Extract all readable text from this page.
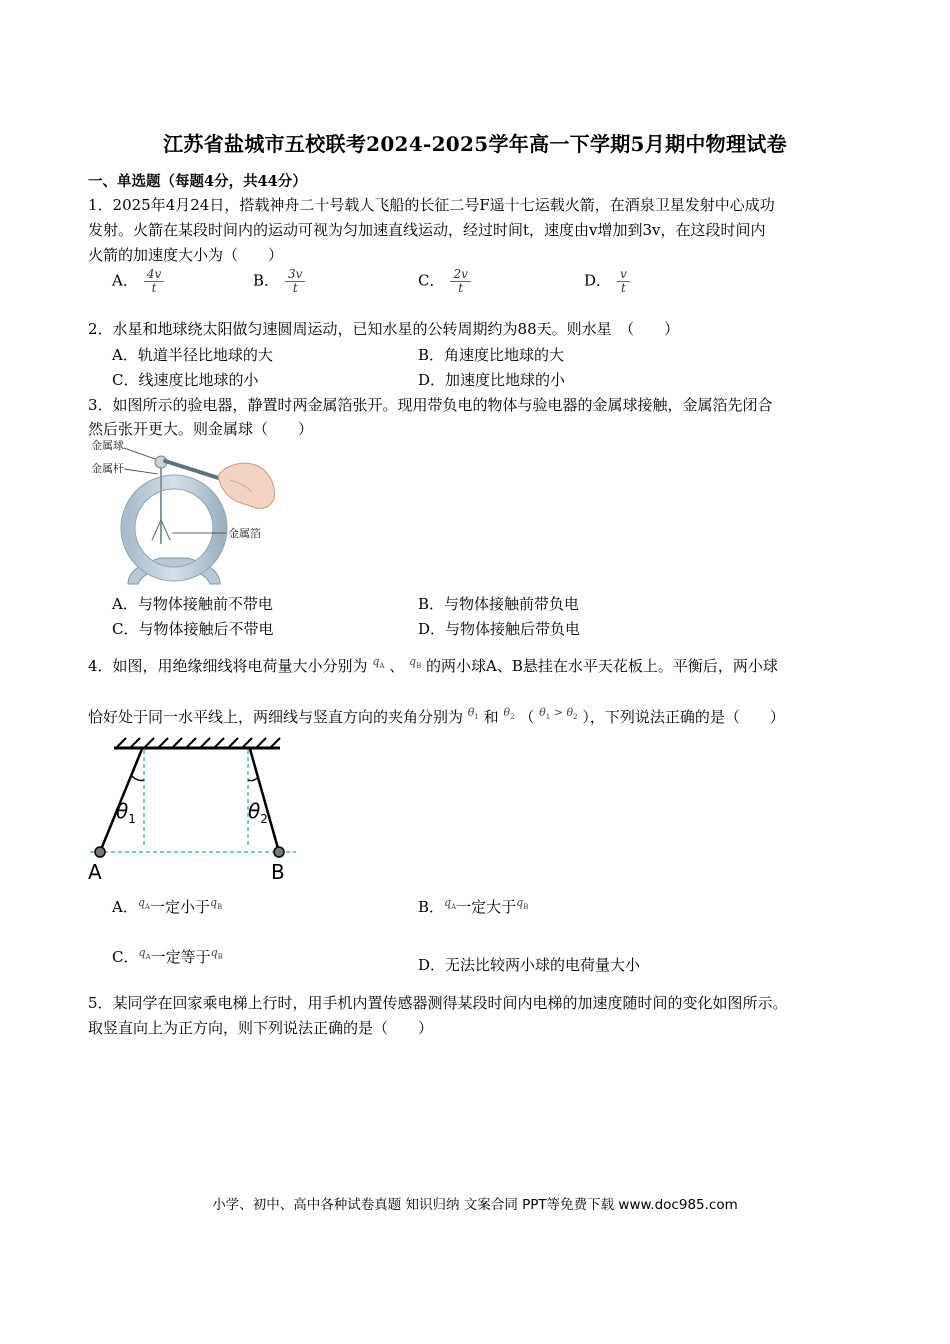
江苏省盐城市五校联考2024-2025学年高一下学期5月期中物理试卷
一、单选题（每题4分，共44分）
1．2025年4月24日，搭载神舟二十号载人飞船的长征二号F遥十七运载火箭，在酒泉卫星发射中心成功
发射。火箭在某段时间内的运动可视为匀加速直线运动，经过时间t，速度由v增加到3v，在这段时间内
火箭的加速度大小为（　　）
A． $\frac{4v}{t}$	B． $\frac{3v}{t}$	C． $\frac{2v}{t}$	D． $\frac{v}{t}$
2．水星和地球绕太阳做匀速圆周运动，已知水星的公转周期约为88天。则水星　（　　）
A．轨道半径比地球的大	B．角速度比地球的大
C．线速度比地球的小	D．加速度比地球的小
3．如图所示的验电器，静置时两金属箔张开。现用带负电的物体与验电器的金属球接触，金属箔先闭合
然后张开更大。则金属球（　　）
金属球
金属杆
金属箔
A．与物体接触前不带电	B．与物体接触前带负电
C．与物体接触后不带电	D．与物体接触后带负电
4．如图，用绝缘细线将电荷量大小分别为 $^{q_A}$ 、 $^{q_B}$ 的两小球A、B悬挂在水平天花板上。平衡后，两小球
恰好处于同一水平线上，两细线与竖直方向的夹角分别为 $^{\theta_1}$ 和 $^{\theta_2}$ （ $^{\theta_1 > \theta_2}$ ），下列说法正确的是（　　）
$\theta_1$	$\theta_2$
A	B
A．$^{q_A}$一定小于$^{q_B}$	B．$^{q_A}$一定大于$^{q_B}$
C．$^{q_A}$一定等于$^{q_B}$	D．无法比较两小球的电荷量大小
5．某同学在回家乘电梯上行时，用手机内置传感器测得某段时间内电梯的加速度随时间的变化如图所示。
取竖直向上为正方向，则下列说法正确的是（　　）
小学、初中、高中各种试卷真题 知识归纳 文案合同 PPT等免费下载 www.doc985.com
